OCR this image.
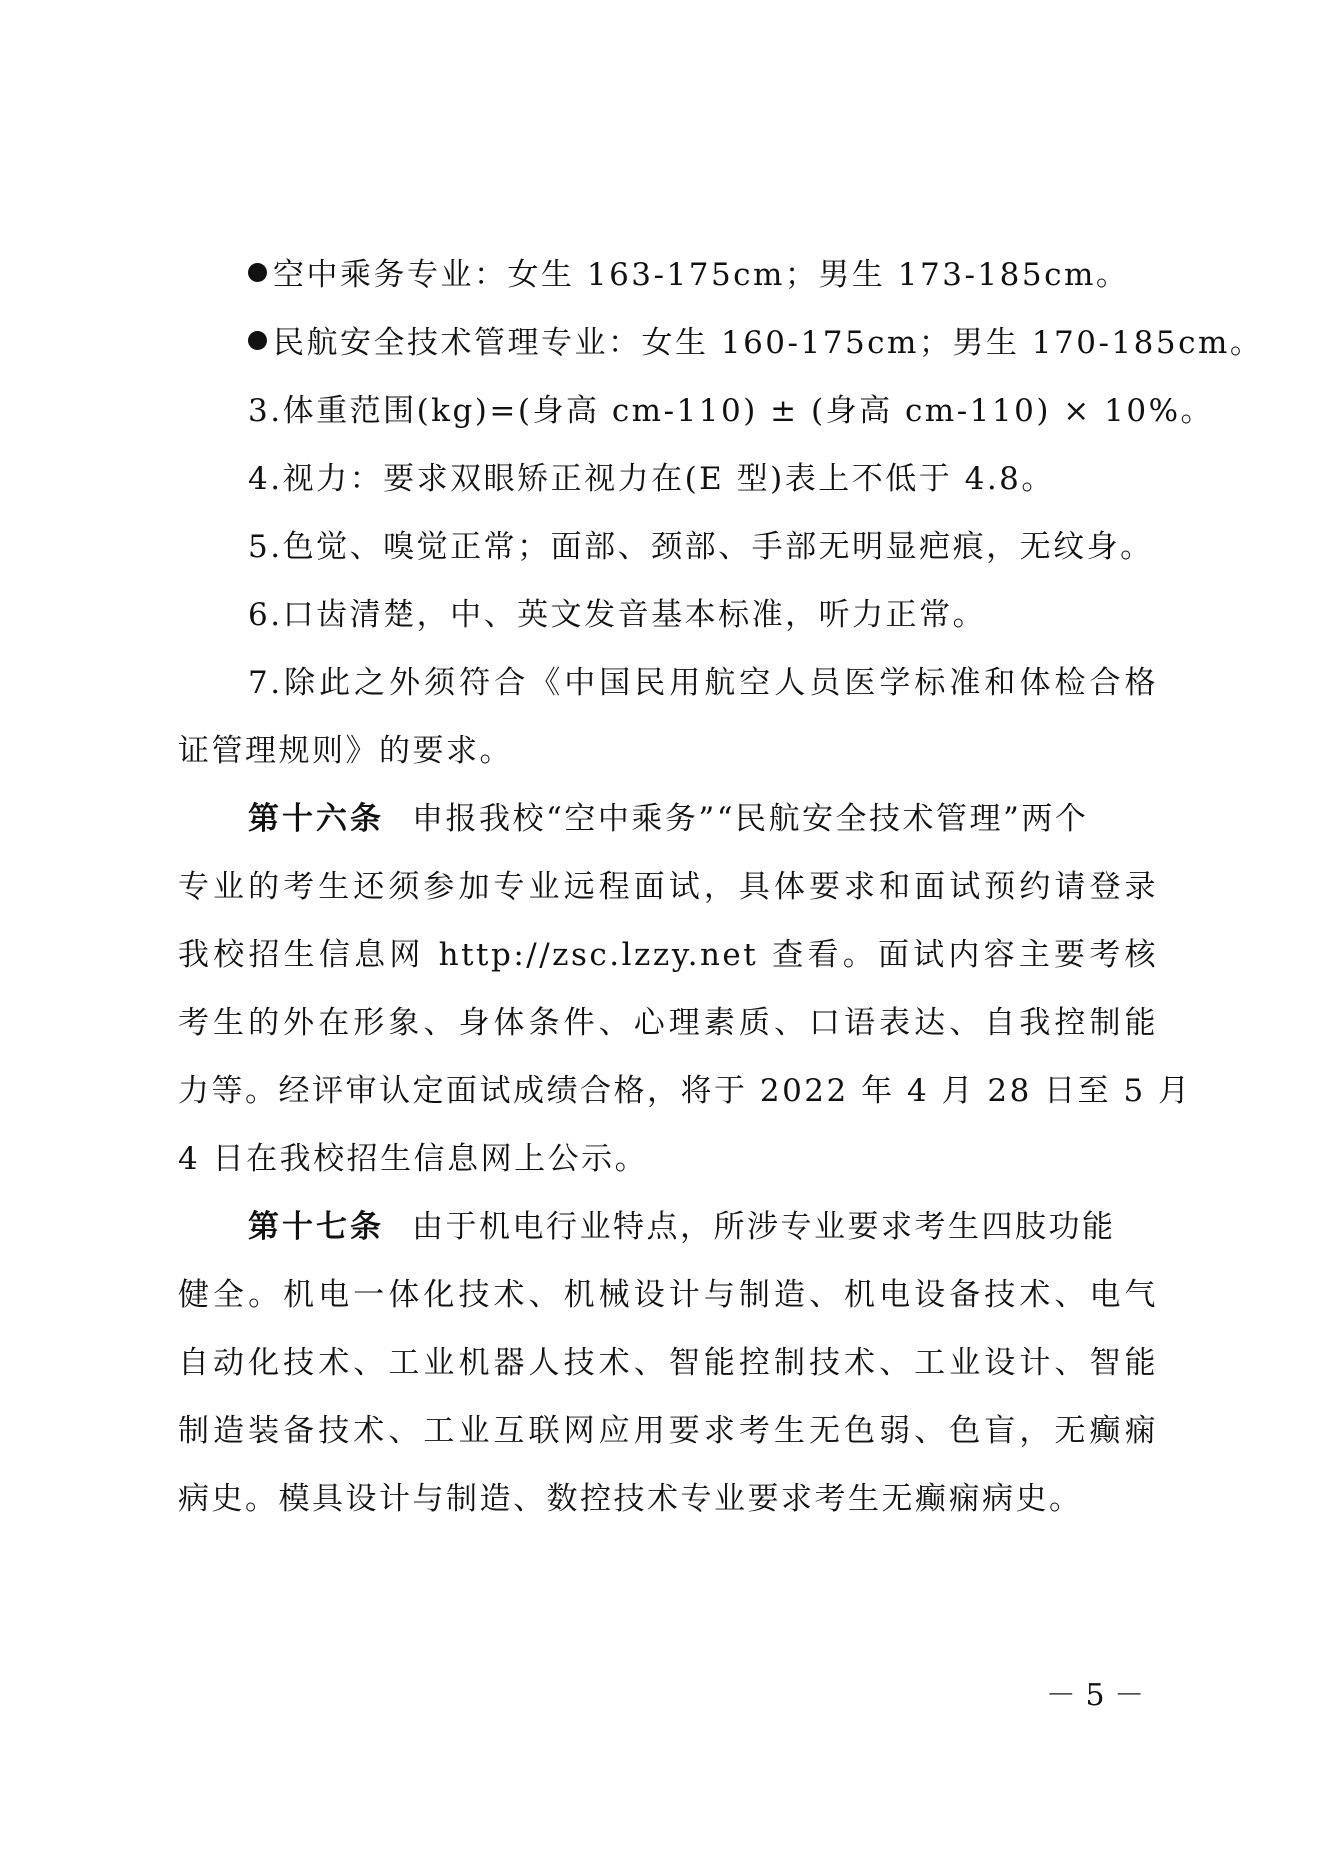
空中乘务专业：女生 163-175cm；男生 173-185cm。
民航安全技术管理专业：女生 160-175cm；男生 170-185cm。
3.体重范围(kg)=(身高 cm-110) ± (身高 cm-110) × 10%。
4.视力：要求双眼矫正视力在(E 型)表上不低于 4.8。
5.色觉、嗅觉正常；面部、颈部、手部无明显疤痕，无纹身。
6.口齿清楚，中、英文发音基本标准，听力正常。
7.除此之外须符合《中国民用航空人员医学标准和体检合格
证管理规则》的要求。
第十六条 申报我校“空中乘务”“民航安全技术管理”两个
专业的考生还须参加专业远程面试，具体要求和面试预约请登录
我校招生信息网 http://zsc.lzzy.net 查看。面试内容主要考核
考生的外在形象、身体条件、心理素质、口语表达、自我控制能
力等。经评审认定面试成绩合格，将于 2022 年 4 月 28 日至 5 月
4 日在我校招生信息网上公示。
第十七条 由于机电行业特点，所涉专业要求考生四肢功能
健全。机电一体化技术、机械设计与制造、机电设备技术、电气
自动化技术、工业机器人技术、智能控制技术、工业设计、智能
制造装备技术、工业互联网应用要求考生无色弱、色盲，无癫痫
病史。模具设计与制造、数控技术专业要求考生无癫痫病史。
－ 5 －
